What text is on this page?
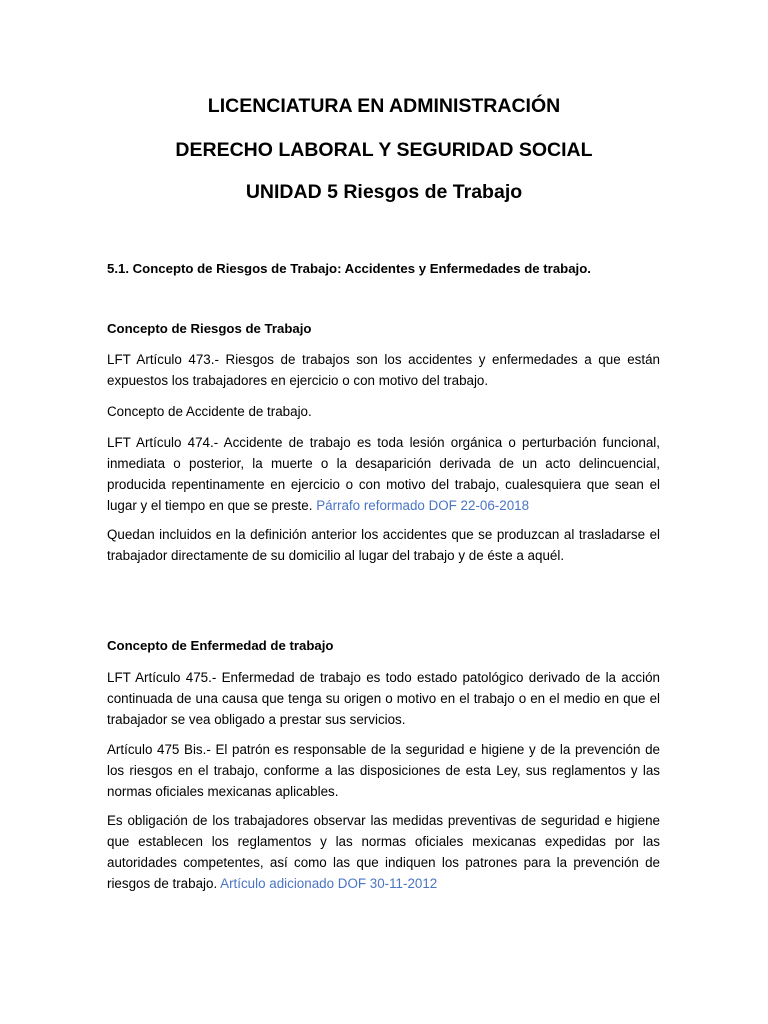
LICENCIATURA EN ADMINISTRACIÓN
DERECHO LABORAL Y SEGURIDAD SOCIAL
UNIDAD 5 Riesgos de Trabajo

5.1. Concepto de Riesgos de Trabajo: Accidentes y Enfermedades de trabajo.

Concepto de Riesgos de Trabajo

LFT Artículo 473.- Riesgos de trabajos son los accidentes y enfermedades a que están expuestos los trabajadores en ejercicio o con motivo del trabajo.

Concepto de Accidente de trabajo.

LFT Artículo 474.- Accidente de trabajo es toda lesión orgánica o perturbación funcional, inmediata o posterior, la muerte o la desaparición derivada de un acto delincuencial, producida repentinamente en ejercicio o con motivo del trabajo, cualesquiera que sean el lugar y el tiempo en que se preste. Párrafo reformado DOF 22-06-2018

Quedan incluidos en la definición anterior los accidentes que se produzcan al trasladarse el trabajador directamente de su domicilio al lugar del trabajo y de éste a aquél.

Concepto de Enfermedad de trabajo

LFT Artículo 475.- Enfermedad de trabajo es todo estado patológico derivado de la acción continuada de una causa que tenga su origen o motivo en el trabajo o en el medio en que el trabajador se vea obligado a prestar sus servicios.

Artículo 475 Bis.- El patrón es responsable de la seguridad e higiene y de la prevención de los riesgos en el trabajo, conforme a las disposiciones de esta Ley, sus reglamentos y las normas oficiales mexicanas aplicables.

Es obligación de los trabajadores observar las medidas preventivas de seguridad e higiene que establecen los reglamentos y las normas oficiales mexicanas expedidas por las autoridades competentes, así como las que indiquen los patrones para la prevención de riesgos de trabajo. Artículo adicionado DOF 30-11-2012
